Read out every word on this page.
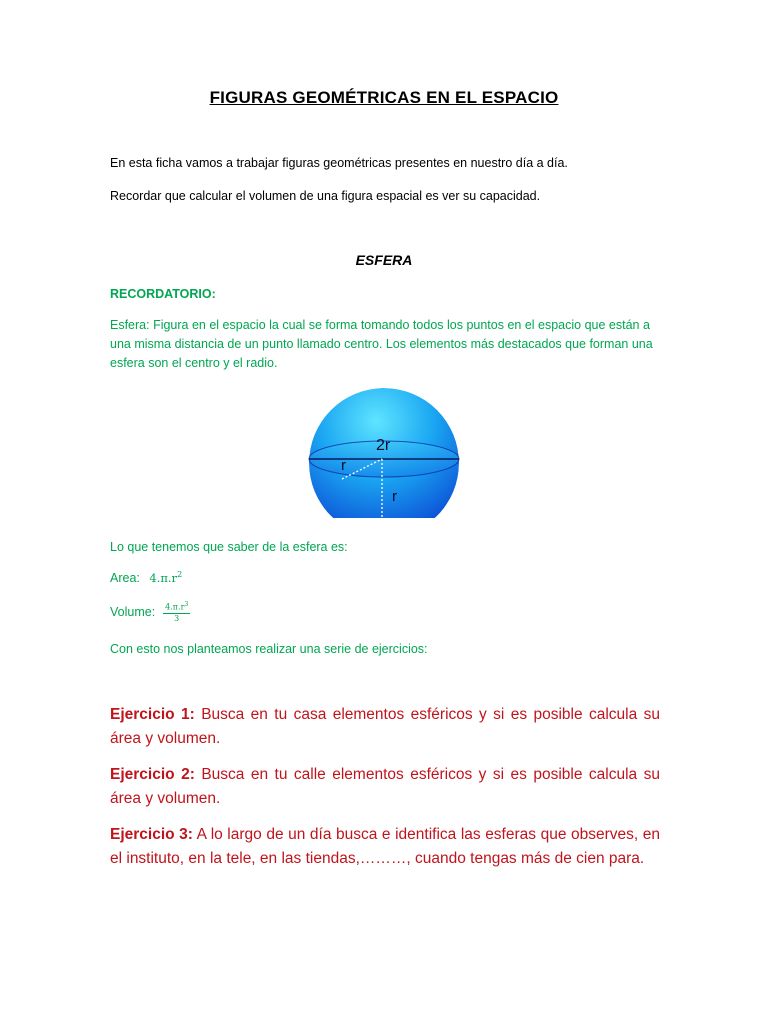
FIGURAS GEOMÉTRICAS EN EL ESPACIO
En esta ficha vamos a trabajar figuras geométricas presentes en nuestro día a día.
Recordar que calcular el volumen de una figura espacial es ver su capacidad.
ESFERA
RECORDATORIO:
Esfera: Figura en el espacio la cual se forma tomando todos los puntos en el espacio que están a una misma distancia de un punto llamado centro. Los elementos más destacados que forman una esfera son el centro y el radio.
2r
r
r
Lo que tenemos que saber de la esfera es:
Area: $4.\pi.r^2$
Volume: $\frac{4.\pi.r^3}{3}$
Con esto nos planteamos realizar una serie de ejercicios:
Ejercicio 1: Busca en tu casa elementos esféricos y si es posible calcula su área y volumen.
Ejercicio 2: Busca en tu calle elementos esféricos y si es posible calcula su área y volumen.
Ejercicio 3: A lo largo de un día busca e identifica las esferas que observes, en el instituto, en la tele, en las tiendas,………, cuando tengas más de cien para.
